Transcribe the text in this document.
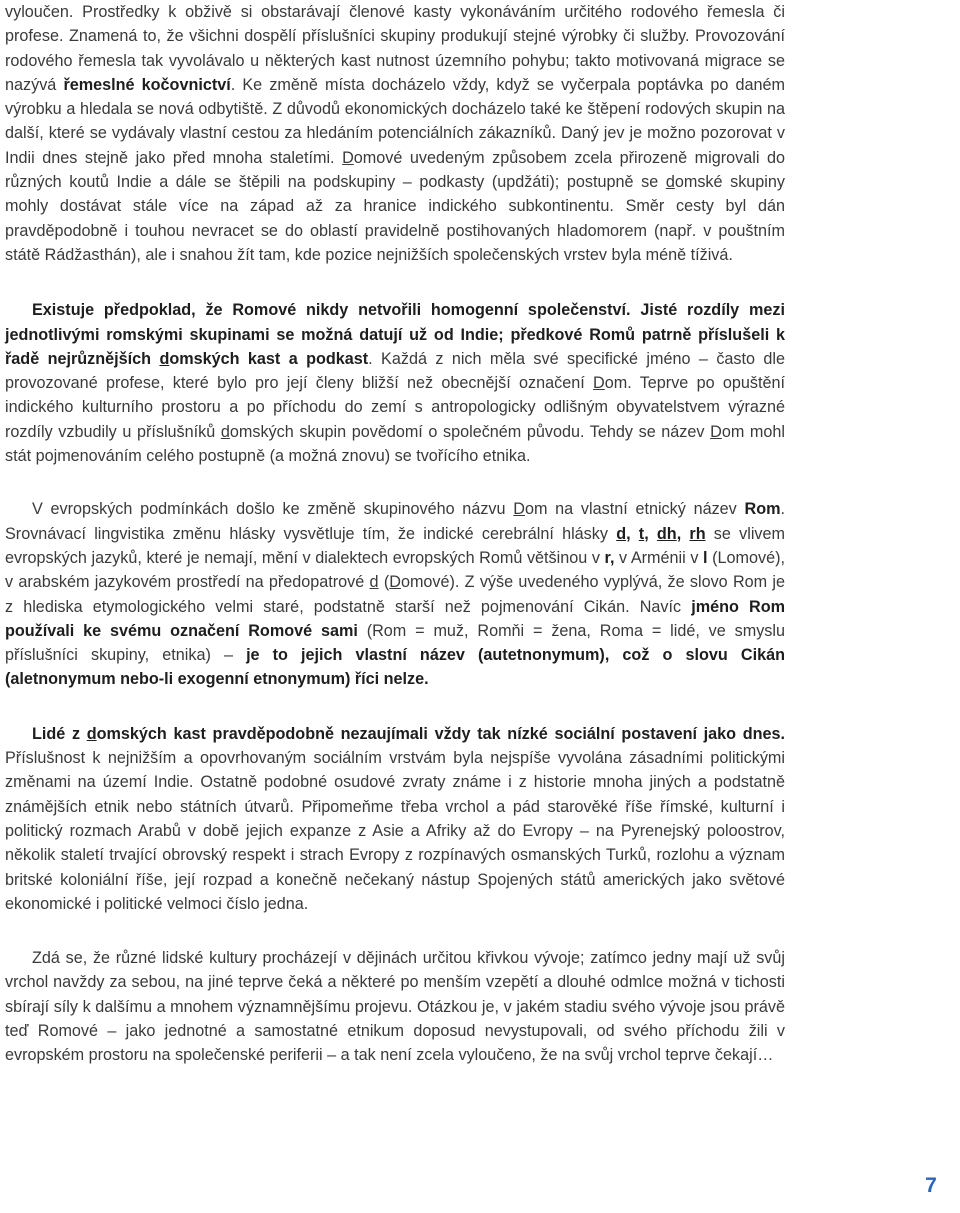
vyloučen. Prostředky k obživě si obstarávají členové kasty vykonáváním určitého rodového řemesla či profese. Znamená to, že všichni dospělí příslušníci skupiny produkují stejné výrobky či služby. Provozování rodového řemesla tak vyvolávalo u některých kast nutnost územního pohybu; takto motivovaná migrace se nazývá řemeslné kočovnictví. Ke změně místa docházelo vždy, když se vyčerpala poptávka po daném výrobku a hledala se nová odbytiště. Z důvodů ekonomických docházelo také ke štěpení rodových skupin na další, které se vydávaly vlastní cestou za hledáním potenciálních zákazníků. Daný jev je možno pozorovat v Indii dnes stejně jako před mnoha staletími. Domové uvedeným způsobem zcela přirozeně migrovali do různých koutů Indie a dále se štěpili na podskupiny – podkasty (updžáti); postupně se domské skupiny mohly dostávat stále více na západ až za hranice indického subkontinentu. Směr cesty byl dán pravděpodobně i touhou nevracet se do oblastí pravidelně postihovaných hladomorem (např. v pouštním státě Rádžasthán), ale i snahou žít tam, kde pozice nejnižších společenských vrstev byla méně tíživá.

Existuje předpoklad, že Romové nikdy netvořili homogenní společenství. Jisté rozdíly mezi jednotlivými romskými skupinami se možná datují už od Indie; předkové Romů patrně příslušeli k řadě nejrůznějších domských kast a podkast. Každá z nich měla své specifické jméno – často dle provozované profese, které bylo pro její členy bližší než obecnější označení Dom. Teprve po opuštění indického kulturního prostoru a po příchodu do zemí s antropologicky odlišným obyvatelstvem výrazné rozdíly vzbudily u příslušníků domských skupin povědomí o společném původu. Tehdy se název Dom mohl stát pojmenováním celého postupně (a možná znovu) se tvořícího etnika.

V evropských podmínkách došlo ke změně skupinového názvu Dom na vlastní etnický název Rom. Srovnávací lingvistika změnu hlásky vysvětluje tím, že indické cerebrální hlásky d, t, dh, rh se vlivem evropských jazyků, které je nemají, mění v dialektech evropských Romů většinou v r, v Arménii v l (Lomové), v arabském jazykovém prostředí na předopatrové d (Domové). Z výše uvedeného vyplývá, že slovo Rom je z hlediska etymologického velmi staré, podstatně starší než pojmenování Cikán. Navíc jméno Rom používali ke svému označení Romové sami (Rom = muž, Romňi = žena, Roma = lidé, ve smyslu příslušníci skupiny, etnika) – je to jejich vlastní název (autetnonymum), což o slovu Cikán (aletnonymum nebo-li exogenní etnonymum) říci nelze.

Lidé z domských kast pravděpodobně nezaujímali vždy tak nízké sociální postavení jako dnes. Příslušnost k nejnižším a opovrhovaným sociálním vrstvám byla nejspíše vyvolána zásadními politickými změnami na území Indie. Ostatně podobné osudové zvraty známe i z historie mnoha jiných a podstatně známějších etnik nebo státních útvarů. Připomeňme třeba vrchol a pád starověké říše římské, kulturní i politický rozmach Arabů v době jejich expanze z Asie a Afriky až do Evropy – na Pyrenejský poloostrov, několik staletí trvající obrovský respekt i strach Evropy z rozpínavých osmanských Turků, rozlohu a význam britské koloniální říše, její rozpad a konečně nečekaný nástup Spojených států amerických jako světové ekonomické i politické velmoci číslo jedna.

Zdá se, že různé lidské kultury procházejí v dějinách určitou křivkou vývoje; zatímco jedny mají už svůj vrchol navždy za sebou, na jiné teprve čeká a některé po menším vzepětí a dlouhé odmlce možná v tichosti sbírají síly k dalšímu a mnohem významnějšímu projevu. Otázkou je, v jakém stadiu svého vývoje jsou právě teď Romové – jako jednotné a samostatné etnikum doposud nevystupovali, od svého příchodu žili v evropském prostoru na společenské periferii – a tak není zcela vyloučeno, že na svůj vrchol teprve čekají…

7
